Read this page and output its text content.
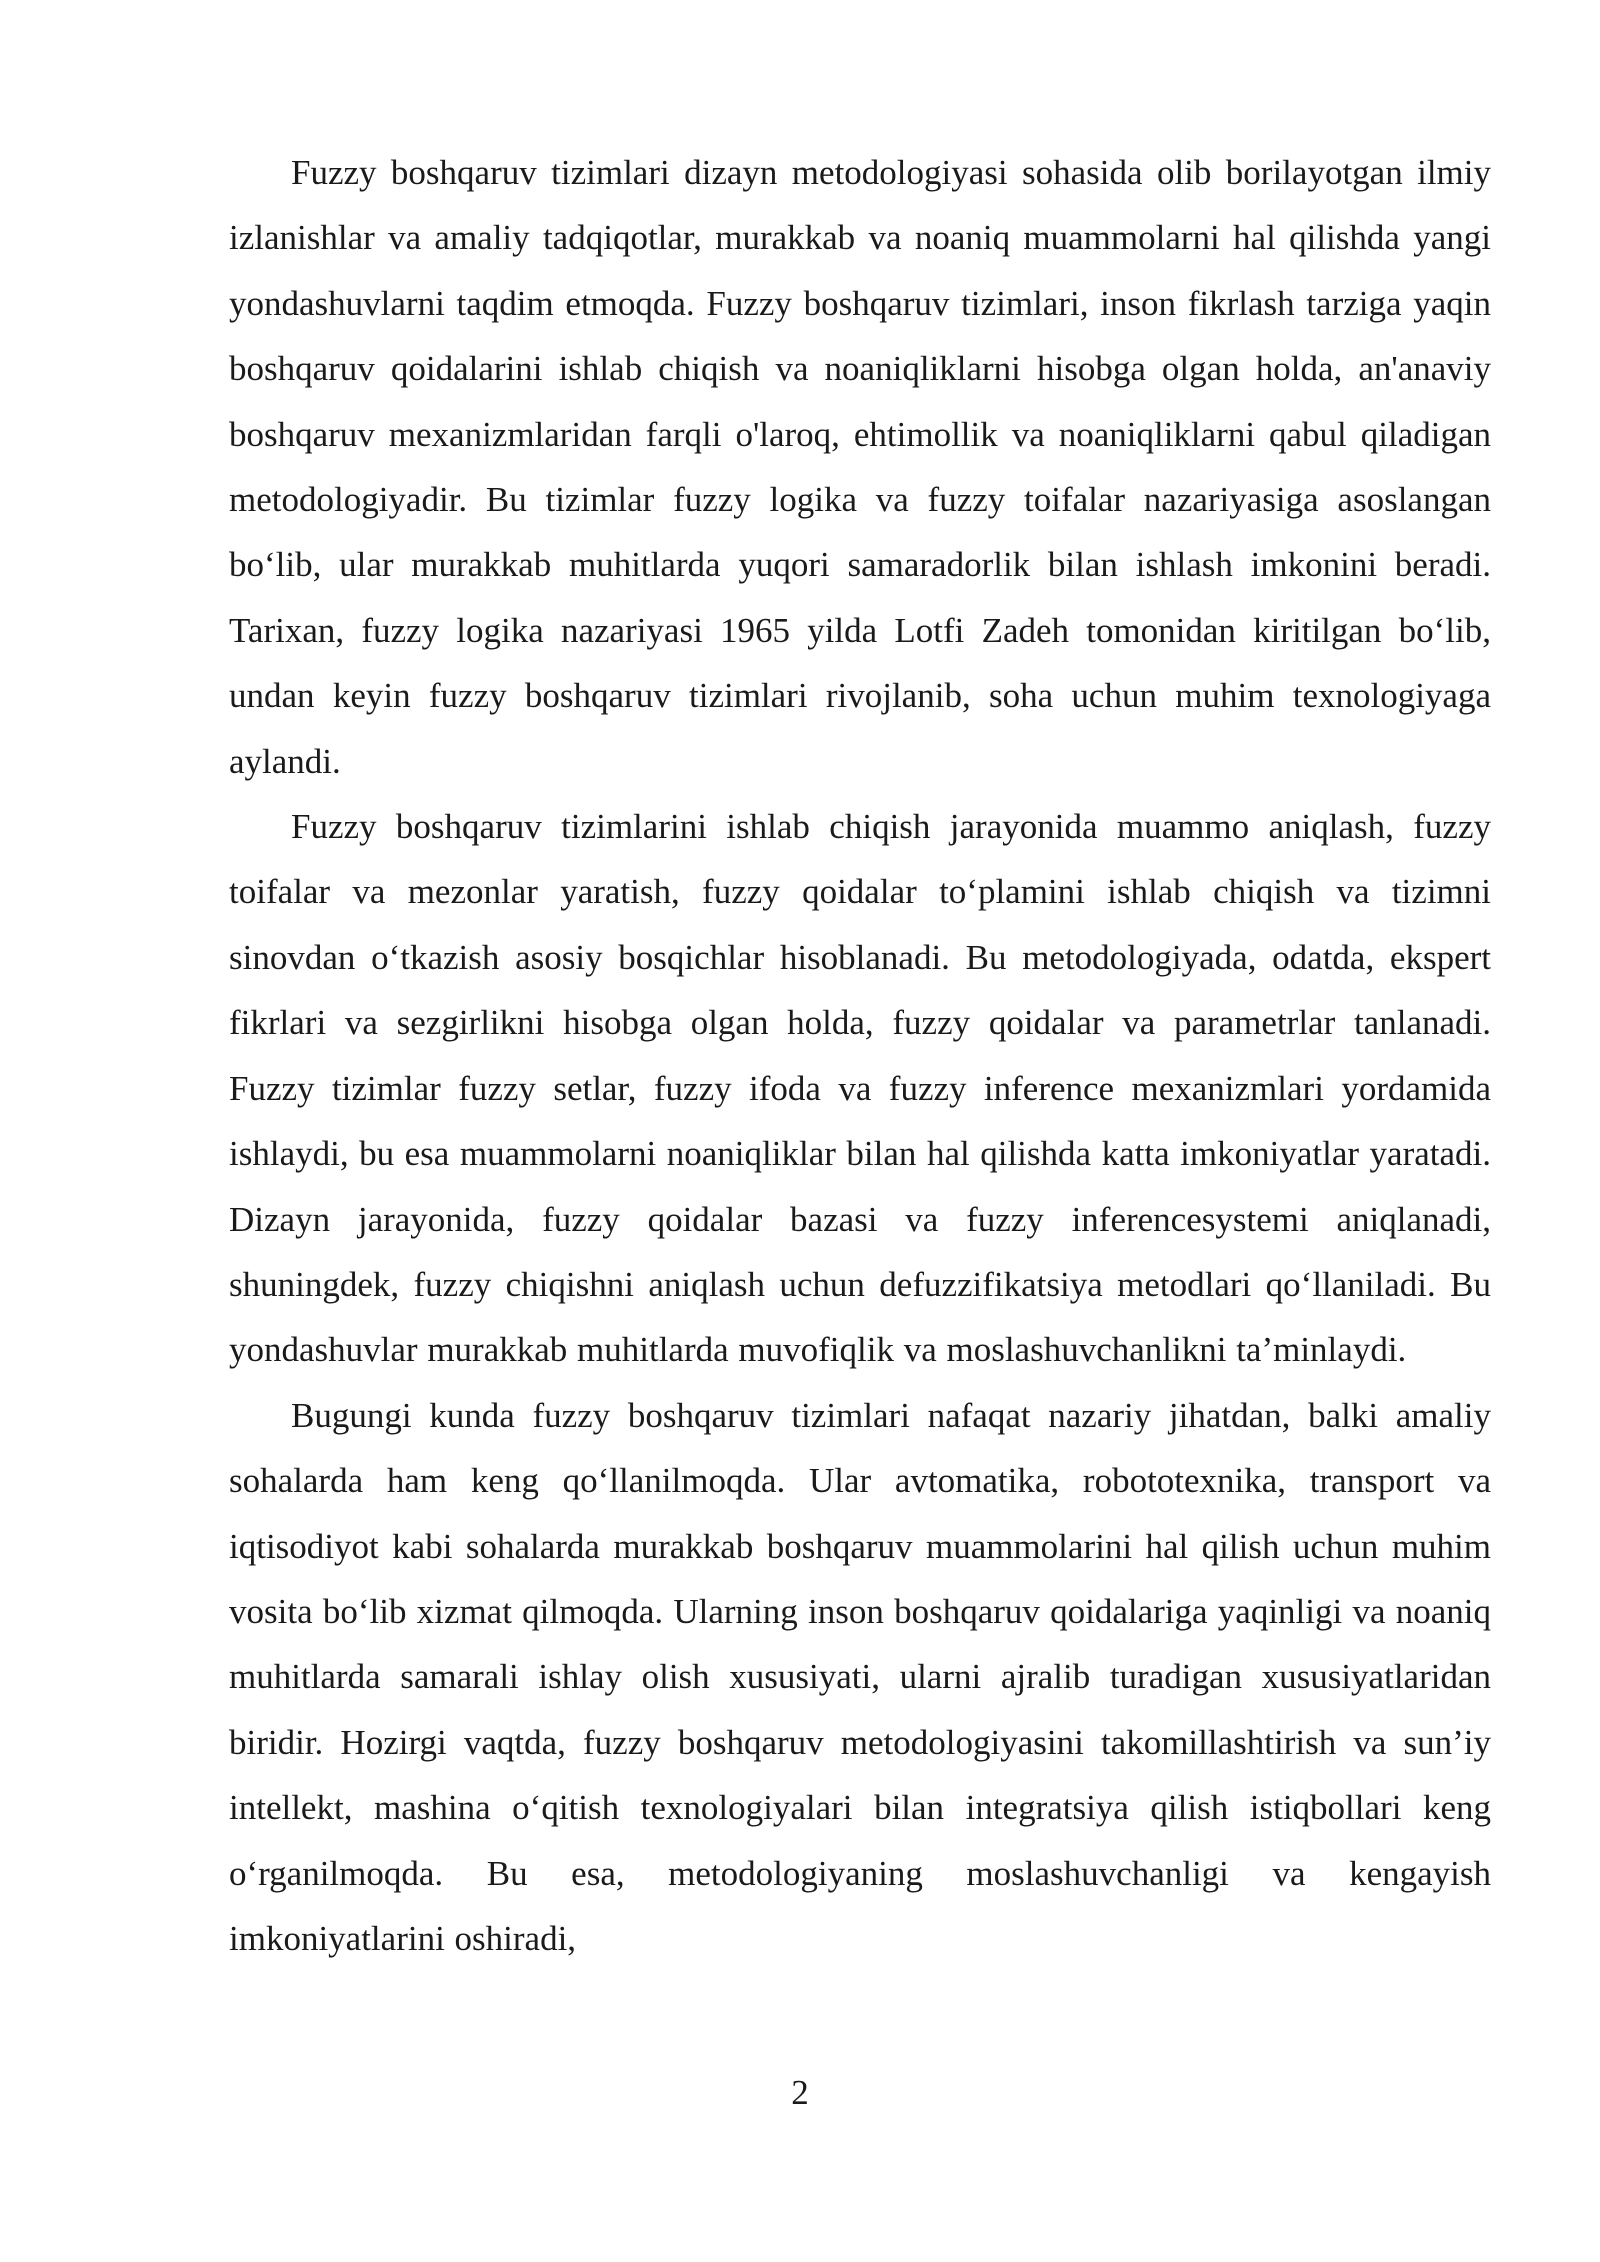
Fuzzy boshqaruv tizimlari dizayn metodologiyasi sohasida olib borilayotgan ilmiy izlanishlar va amaliy tadqiqotlar, murakkab va noaniq muammolarni hal qilishda yangi yondashuvlarni taqdim etmoqda. Fuzzy boshqaruv tizimlari, inson fikrlash tarziga yaqin boshqaruv qoidalarini ishlab chiqish va noaniqliklarni hisobga olgan holda, an'anaviy boshqaruv mexanizmlaridan farqli o'laroq, ehtimollik va noaniqliklarni qabul qiladigan metodologiyadir. Bu tizimlar fuzzy logika va fuzzy toifalar nazariyasiga asoslangan bo‘lib, ular murakkab muhitlarda yuqori samaradorlik bilan ishlash imkonini beradi. Tarixan, fuzzy logika nazariyasi 1965 yilda Lotfi Zadeh tomonidan kiritilgan bo‘lib, undan keyin fuzzy boshqaruv tizimlari rivojlanib, soha uchun muhim texnologiyaga aylandi.

Fuzzy boshqaruv tizimlarini ishlab chiqish jarayonida muammo aniqlash, fuzzy toifalar va mezonlar yaratish, fuzzy qoidalar to‘plamini ishlab chiqish va tizimni sinovdan o‘tkazish asosiy bosqichlar hisoblanadi. Bu metodologiyada, odatda, ekspert fikrlari va sezgirlikni hisobga olgan holda, fuzzy qoidalar va parametrlar tanlanadi. Fuzzy tizimlar fuzzy setlar, fuzzy ifoda va fuzzy inference mexanizmlari yordamida ishlaydi, bu esa muammolarni noaniqliklar bilan hal qilishda katta imkoniyatlar yaratadi. Dizayn jarayonida, fuzzy qoidalar bazasi va fuzzy inferencesystemi aniqlanadi, shuningdek, fuzzy chiqishni aniqlash uchun defuzzifikatsiya metodlari qo‘llaniladi. Bu yondashuvlar murakkab muhitlarda muvofiqlik va moslashuvchanlikni ta’minlaydi.

Bugungi kunda fuzzy boshqaruv tizimlari nafaqat nazariy jihatdan, balki amaliy sohalarda ham keng qo‘llanilmoqda. Ular avtomatika, robototexnika, transport va iqtisodiyot kabi sohalarda murakkab boshqaruv muammolarini hal qilish uchun muhim vosita bo‘lib xizmat qilmoqda. Ularning inson boshqaruv qoidalariga yaqinligi va noaniq muhitlarda samarali ishlay olish xususiyati, ularni ajralib turadigan xususiyatlaridan biridir. Hozirgi vaqtda, fuzzy boshqaruv metodologiyasini takomillashtirish va sun’iy intellekt, mashina o‘qitish texnologiyalari bilan integratsiya qilish istiqbollari keng o‘rganilmoqda. Bu esa, metodologiyaning moslashuvchanligi va kengayish imkoniyatlarini oshiradi,

2
